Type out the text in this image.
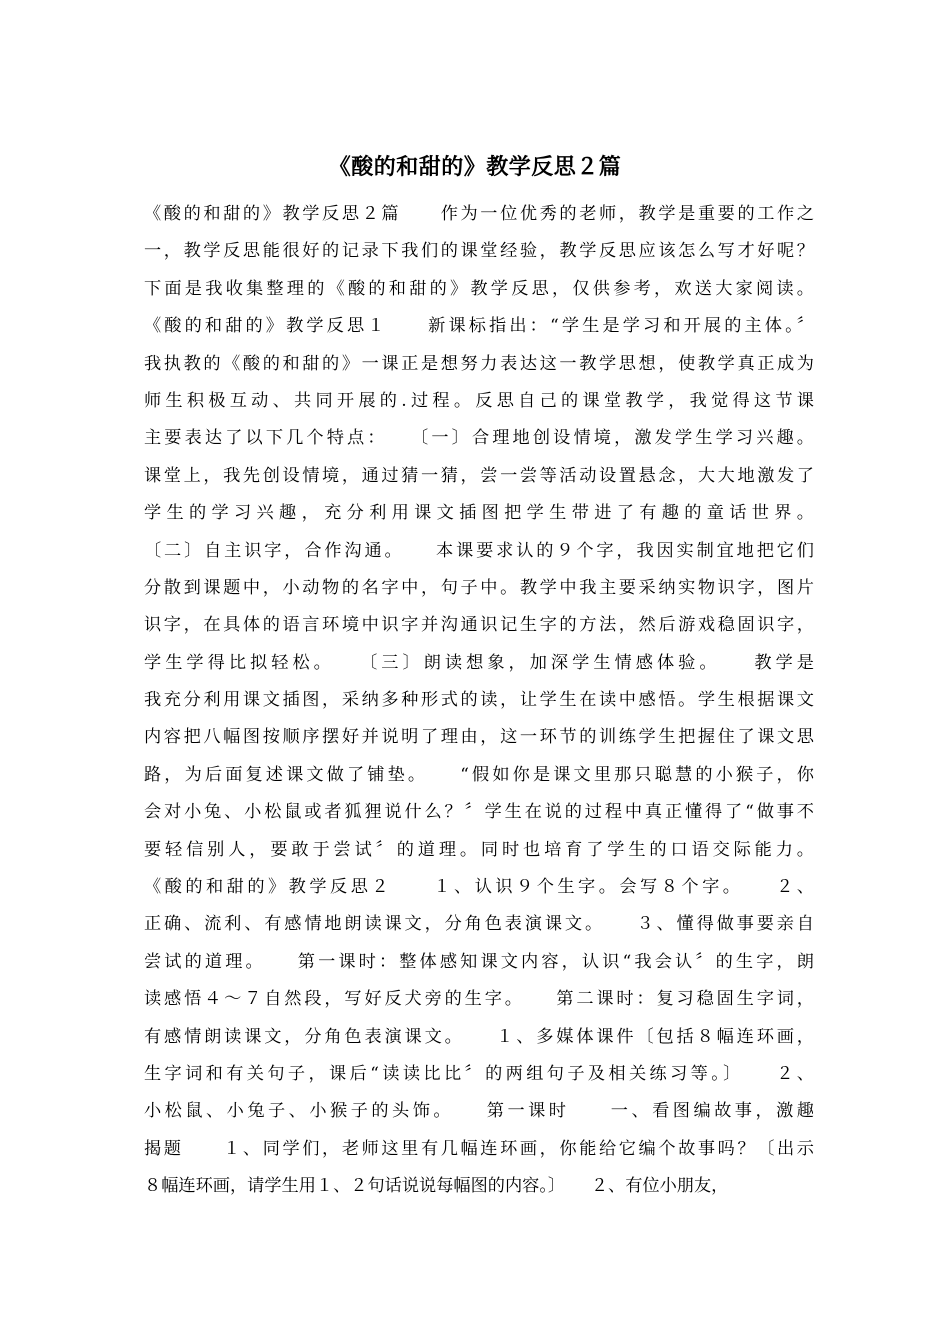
《酸的和甜的》教学反思２篇
《酸的和甜的》教学反思２篇　　作为一位优秀的老师，教学是重要的工作之
一，教学反思能很好的记录下我们的课堂经验，教学反思应该怎么写才好呢？
下面是我收集整理的《酸的和甜的》教学反思，仅供参考，欢送大家阅读。
《酸的和甜的》教学反思１　　新课标指出：“学生是学习和开展的主体。〞
我执教的《酸的和甜的》一课正是想努力表达这一教学思想，使教学真正成为
师生积极互动、共同开展的.过程。反思自己的课堂教学，我觉得这节课
主要表达了以下几个特点：　　〔一〕合理地创设情境，激发学生学习兴趣。
课堂上，我先创设情境，通过猜一猜，尝一尝等活动设置悬念，大大地激发了
学生的学习兴趣，充分利用课文插图把学生带进了有趣的童话世界。
〔二〕自主识字，合作沟通。　　本课要求认的９个字，我因实制宜地把它们
分散到课题中，小动物的名字中，句子中。教学中我主要采纳实物识字，图片
识字，在具体的语言环境中识字并沟通识记生字的方法，然后游戏稳固识字，
学生学得比拟轻松。　　〔三〕朗读想象，加深学生情感体验。　　教学是
我充分利用课文插图，采纳多种形式的读，让学生在读中感悟。学生根据课文
内容把八幅图按顺序摆好并说明了理由，这一环节的训练学生把握住了课文思
路，为后面复述课文做了铺垫。　　“假如你是课文里那只聪慧的小猴子，你
会对小兔、小松鼠或者狐狸说什么？〞学生在说的过程中真正懂得了“做事不
要轻信别人，要敢于尝试〞的道理。同时也培育了学生的口语交际能力。
《酸的和甜的》教学反思２　　１、认识９个生字。会写８个字。　　２、
正确、流利、有感情地朗读课文，分角色表演课文。　　３、懂得做事要亲自
尝试的道理。　　第一课时：整体感知课文内容，认识“我会认〞的生字，朗
读感悟４～７自然段，写好反犬旁的生字。　　第二课时：复习稳固生字词，
有感情朗读课文，分角色表演课文。　　１、多媒体课件〔包括８幅连环画，
生字词和有关句子，课后“读读比比〞的两组句子及相关练习等。〕　　２、
小松鼠、小兔子、小猴子的头饰。　　第一课时　　一、看图编故事，激趣
揭题　　１、同学们，老师这里有几幅连环画，你能给它编个故事吗？〔出示
８幅连环画，请学生用１、２句话说说每幅图的内容。〕　　２、有位小朋友，
